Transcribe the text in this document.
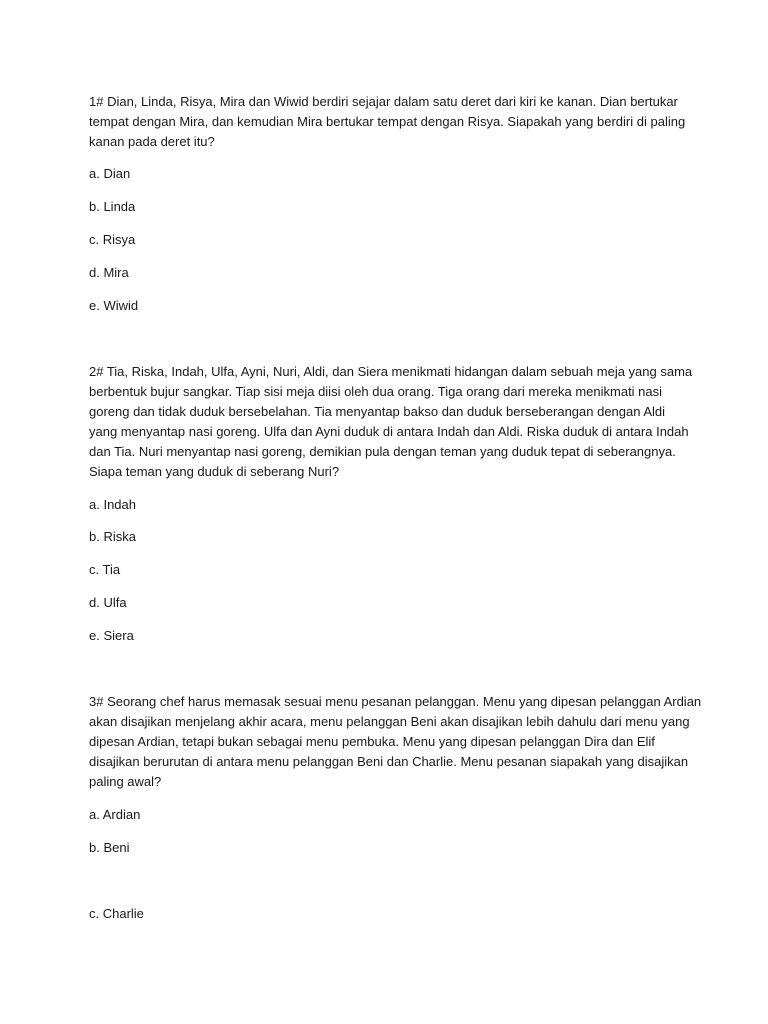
1# Dian, Linda, Risya, Mira dan Wiwid berdiri sejajar dalam satu deret dari kiri ke kanan. Dian bertukar
tempat dengan Mira, dan kemudian Mira bertukar tempat dengan Risya. Siapakah yang berdiri di paling
kanan pada deret itu?

a. Dian

b. Linda

c. Risya

d. Mira

e. Wiwid

2# Tia, Riska, Indah, Ulfa, Ayni, Nuri, Aldi, dan Siera menikmati hidangan dalam sebuah meja yang sama
berbentuk bujur sangkar. Tiap sisi meja diisi oleh dua orang. Tiga orang dari mereka menikmati nasi
goreng dan tidak duduk bersebelahan. Tia menyantap bakso dan duduk berseberangan dengan Aldi
yang menyantap nasi goreng. Ulfa dan Ayni duduk di antara Indah dan Aldi. Riska duduk di antara Indah
dan Tia. Nuri menyantap nasi goreng, demikian pula dengan teman yang duduk tepat di seberangnya.
Siapa teman yang duduk di seberang Nuri?

a. Indah

b. Riska

c. Tia

d. Ulfa

e. Siera

3# Seorang chef harus memasak sesuai menu pesanan pelanggan. Menu yang dipesan pelanggan Ardian
akan disajikan menjelang akhir acara, menu pelanggan Beni akan disajikan lebih dahulu dari menu yang
dipesan Ardian, tetapi bukan sebagai menu pembuka. Menu yang dipesan pelanggan Dira dan Elif
disajikan berurutan di antara menu pelanggan Beni dan Charlie. Menu pesanan siapakah yang disajikan
paling awal?

a. Ardian

b. Beni

c. Charlie
